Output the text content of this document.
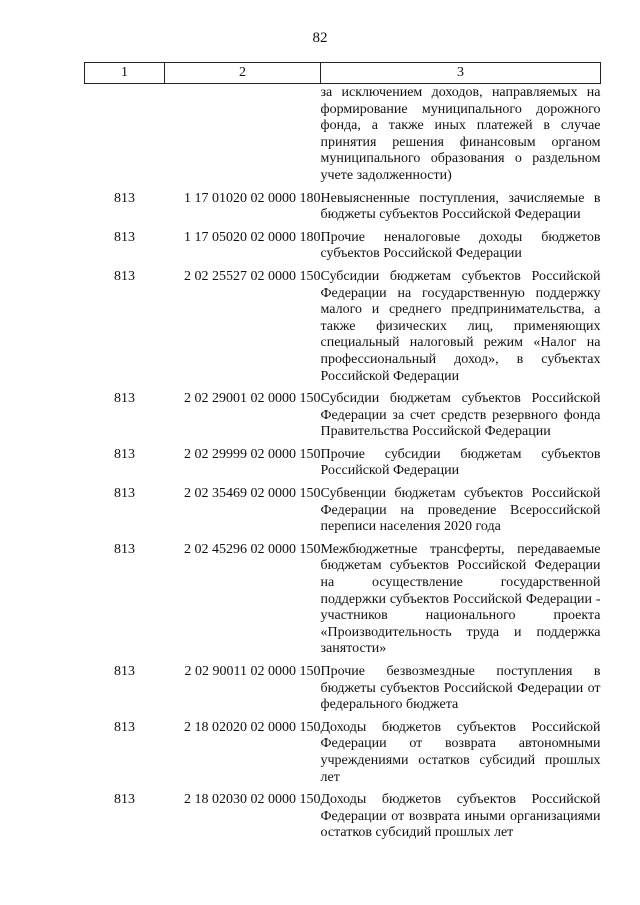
82
1	2	3
		за исключением доходов, направляемых на формирование муниципального дорожного фонда, а также иных платежей в случае принятия решения финансовым органом муниципального образования о раздельном учете задолженности)
813	1 17 01020 02 0000 180	Невыясненные поступления, зачисляемые в бюджеты субъектов Российской Федерации
813	1 17 05020 02 0000 180	Прочие неналоговые доходы бюджетов субъектов Российской Федерации
813	2 02 25527 02 0000 150	Субсидии бюджетам субъектов Российской Федерации на государственную поддержку малого и среднего предпринимательства, а также физических лиц, применяющих специальный налоговый режим «Налог на профессиональный доход», в субъектах Российской Федерации
813	2 02 29001 02 0000 150	Субсидии бюджетам субъектов Российской Федерации за счет средств резервного фонда Правительства Российской Федерации
813	2 02 29999 02 0000 150	Прочие субсидии бюджетам субъектов Российской Федерации
813	2 02 35469 02 0000 150	Субвенции бюджетам субъектов Российской Федерации на проведение Всероссийской переписи населения 2020 года
813	2 02 45296 02 0000 150	Межбюджетные трансферты, передаваемые бюджетам субъектов Российской Федерации на осуществление государственной поддержки субъектов Российской Федерации - участников национального проекта «Производительность труда и поддержка занятости»
813	2 02 90011 02 0000 150	Прочие безвозмездные поступления в бюджеты субъектов Российской Федерации от федерального бюджета
813	2 18 02020 02 0000 150	Доходы бюджетов субъектов Российской Федерации от возврата автономными учреждениями остатков субсидий прошлых лет
813	2 18 02030 02 0000 150	Доходы бюджетов субъектов Российской Федерации от возврата иными организациями остатков субсидий прошлых лет
